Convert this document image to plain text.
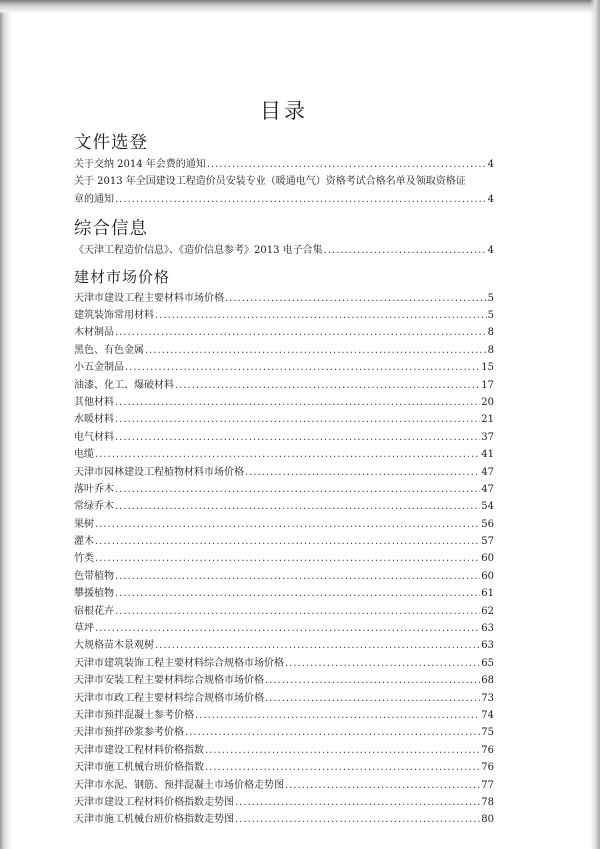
目录
文件选登
关于交纳 2014 年会费的通知 .....	4
关于 2013 年全国建设工程造价员安装专业（暖通电气）资格考试合格名单及领取资格证
章的通知 .....	4
综合信息
《天津工程造价信息》、《造价信息参考》2013 电子合集 .....	4
建材市场价格
天津市建设工程主要材料市场价格 .....	5
建筑装饰常用材料 .....	5
木材制品 .....	8
黑色、有色金属 .....	8
小五金制品 .....	15
油漆、化工、爆破材料 .....	17
其他材料 .....	20
水暖材料 .....	21
电气材料 .....	37
电缆 .....	41
天津市园林建设工程植物材料市场价格 .....	47
落叶乔木 .....	47
常绿乔木 .....	54
果树 .....	56
灌木 .....	57
竹类 .....	60
色带植物 .....	60
攀援植物 .....	61
宿根花卉 .....	62
草坪 .....	63
大规格苗木景观树 .....	63
天津市建筑装饰工程主要材料综合规格市场价格 .....	65
天津市安装工程主要材料综合规格市场价格 .....	68
天津市市政工程主要材料综合规格市场价格 .....	73
天津市预拌混凝土参考价格 .....	74
天津市预拌砂浆参考价格 .....	75
天津市建设工程材料价格指数 .....	76
天津市施工机械台班价格指数 .....	76
天津市水泥、钢筋、预拌混凝土市场价格走势图 .....	77
天津市建设工程材料价格指数走势图 .....	78
天津市施工机械台班价格指数走势图 .....	80
